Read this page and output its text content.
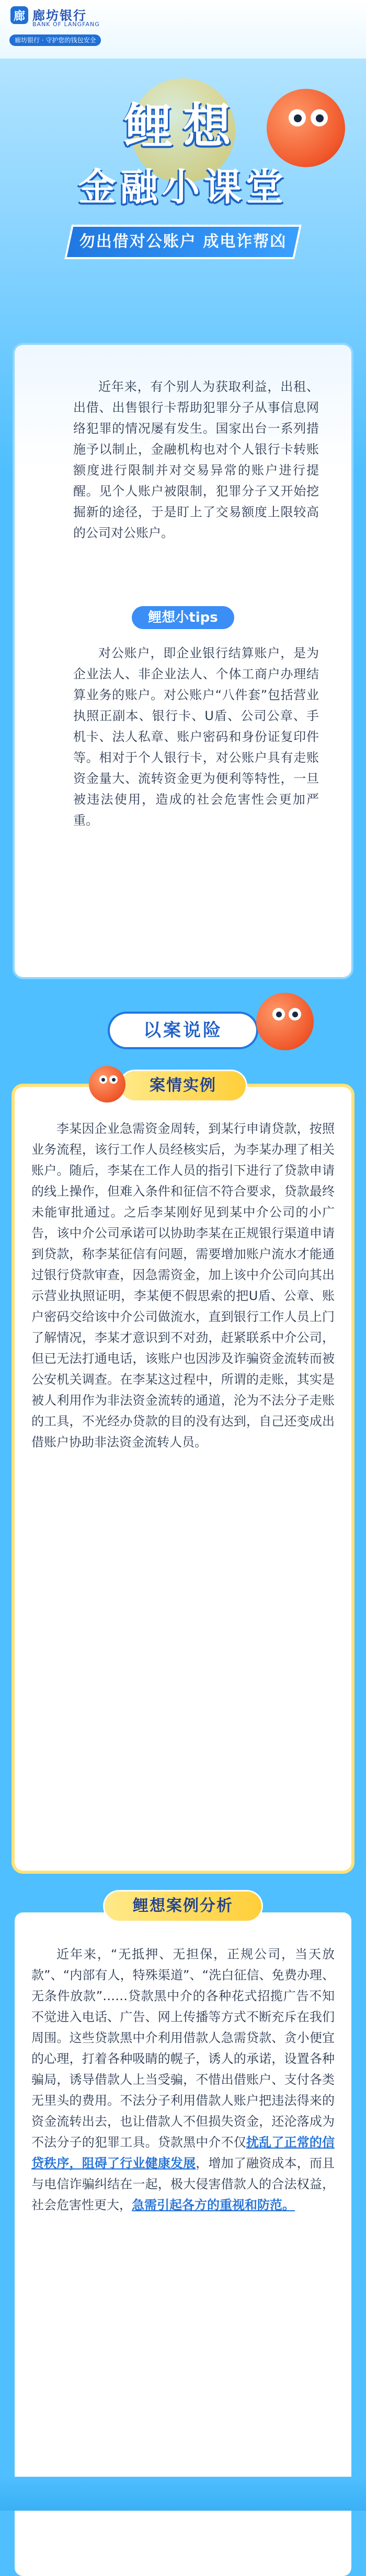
廊 廊坊银行
BANK OF LANGFANG
廊坊银行 · 守护您的钱包安全
鲤想
金融小课堂
勿出借对公账户 成电诈帮凶
近年来，有个别人为获取利益，出租、出借、出售银行卡帮助犯罪分子从事信息网络犯罪的情况屡有发生。国家出台一系列措施予以制止，金融机构也对个人银行卡转账额度进行限制并对交易异常的账户进行提醒。见个人账户被限制，犯罪分子又开始挖掘新的途径，于是盯上了交易额度上限较高的公司对公账户。
鲤想小tips
对公账户，即企业银行结算账户，是为企业法人、非企业法人、个体工商户办理结算业务的账户。对公账户“八件套”包括营业执照正副本、银行卡、U盾、公司公章、手机卡、法人私章、账户密码和身份证复印件等。相对于个人银行卡，对公账户具有走账资金量大、流转资金更为便利等特性，一旦被违法使用，造成的社会危害性会更加严重。
以案说险
案情实例
李某因企业急需资金周转，到某行申请贷款，按照业务流程，该行工作人员经核实后，为李某办理了相关账户。随后，李某在工作人员的指引下进行了贷款申请的线上操作，但难入条件和征信不符合要求，贷款最终未能审批通过。之后李某刚好见到某中介公司的小广告，该中介公司承诺可以协助李某在正规银行渠道申请到贷款，称李某征信有问题，需要增加账户流水才能通过银行贷款审查，因急需资金，加上该中介公司向其出示营业执照证明，李某便不假思索的把U盾、公章、账户密码交给该中介公司做流水，直到银行工作人员上门了解情况，李某才意识到不对劲，赶紧联系中介公司，但已无法打通电话，该账户也因涉及诈骗资金流转而被公安机关调查。在李某这过程中，所谓的走账，其实是被人利用作为非法资金流转的通道，沦为不法分子走账的工具，不光经办贷款的目的没有达到，自己还变成出借账户协助非法资金流转人员。
鲤想案例分析
近年来，“无抵押、无担保，正规公司，当天放款”、“内部有人，特殊渠道”、“洗白征信、免费办理、无条件放款”……贷款黑中介的各种花式招揽广告不知不觉进入电话、广告、网上传播等方式不断充斥在我们周围。这些贷款黑中介利用借款人急需贷款、贪小便宜的心理，打着各种吸睛的幌子，诱人的承诺，设置各种骗局，诱导借款人上当受骗，不惜出借账户、支付各类无里头的费用。不法分子利用借款人账户把违法得来的资金流转出去，也让借款人不但损失资金，还沦落成为不法分子的犯罪工具。贷款黑中介不仅扰乱了正常的信贷秩序，阻碍了行业健康发展，增加了融资成本，而且与电信诈骗纠结在一起，极大侵害借款人的合法权益，社会危害性更大，急需引起各方的重视和防范。
